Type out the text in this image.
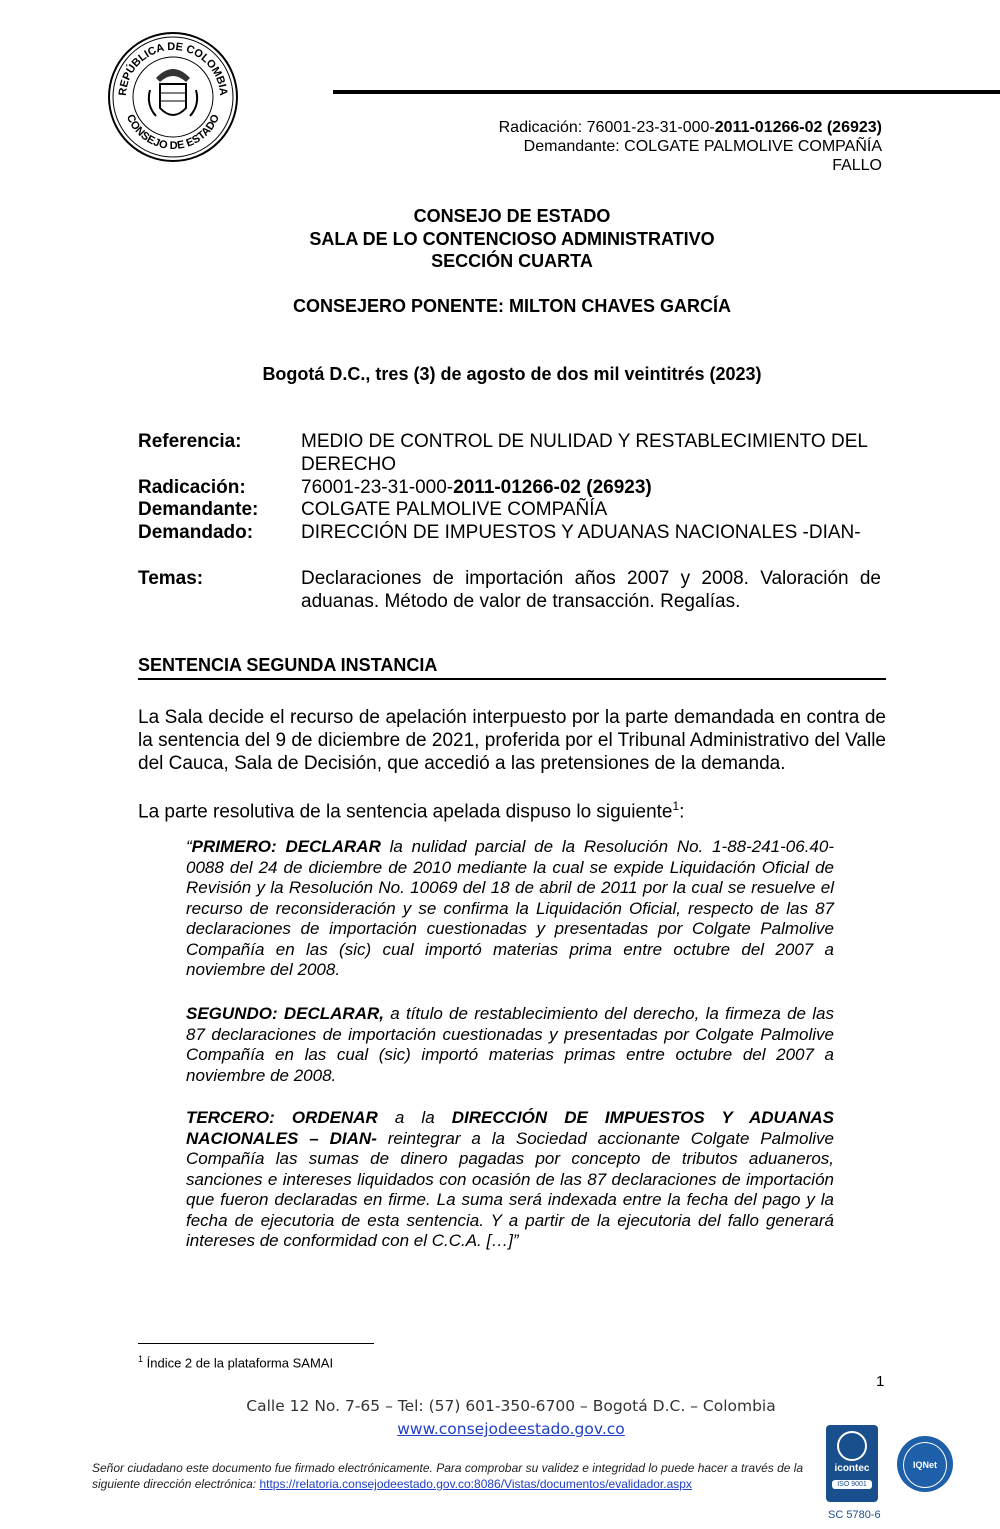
REPÚBLICA DE COLOMBIA
CONSEJO DE ESTADO	Radicación: 76001-23-31-000-2011-01266-02 (26923)
Demandante: COLGATE PALMOLIVE COMPAÑÍA
FALLO
CONSEJO DE ESTADO
SALA DE LO CONTENCIOSO ADMINISTRATIVO
SECCIÓN CUARTA
CONSEJERO PONENTE: MILTON CHAVES GARCÍA
Bogotá D.C., tres (3) de agosto de dos mil veintitrés (2023)
Referencia:	MEDIO DE CONTROL DE NULIDAD Y RESTABLECIMIENTO DEL DERECHO
Radicación:	76001-23-31-000-2011-01266-02 (26923)
Demandante: COLGATE PALMOLIVE COMPAÑÍA
Demandado:	DIRECCIÓN DE IMPUESTOS Y ADUANAS NACIONALES -DIAN-
Temas:	Declaraciones de importación años 2007 y 2008. Valoración de aduanas. Método de valor de transacción. Regalías.
SENTENCIA SEGUNDA INSTANCIA
La Sala decide el recurso de apelación interpuesto por la parte demandada en contra de la sentencia del 9 de diciembre de 2021, proferida por el Tribunal Administrativo del Valle del Cauca, Sala de Decisión, que accedió a las pretensiones de la demanda.
La parte resolutiva de la sentencia apelada dispuso lo siguiente$^1$:
“PRIMERO: DECLARAR la nulidad parcial de la Resolución No. 1-88-241-06.40-0088 del 24 de diciembre de 2010 mediante la cual se expide Liquidación Oficial de Revisión y la Resolución No. 10069 del 18 de abril de 2011 por la cual se resuelve el recurso de reconsideración y se confirma la Liquidación Oficial, respecto de las 87 declaraciones de importación cuestionadas y presentadas por Colgate Palmolive Compañía en las (sic) cual importó materias prima entre octubre del 2007 a noviembre del 2008.
SEGUNDO: DECLARAR, a título de restablecimiento del derecho, la firmeza de las 87 declaraciones de importación cuestionadas y presentadas por Colgate Palmolive Compañía en las cual (sic) importó materias primas entre octubre del 2007 a noviembre de 2008.
TERCERO: ORDENAR a la DIRECCIÓN DE IMPUESTOS Y ADUANAS NACIONALES – DIAN- reintegrar a la Sociedad accionante Colgate Palmolive Compañía las sumas de dinero pagadas por concepto de tributos aduaneros, sanciones e intereses liquidados con ocasión de las 87 declaraciones de importación que fueron declaradas en firme. La suma será indexada entre la fecha del pago y la fecha de ejecutoria de esta sentencia. Y a partir de la ejecutoria del fallo generará intereses de conformidad con el C.C.A. […]”
$^1$ Índice 2 de la plataforma SAMAI
1
Calle 12 No. 7-65 – Tel: (57) 601-350-6700 – Bogotá D.C. – Colombia
www.consejodeestado.gov.co
Señor ciudadano este documento fue firmado electrónicamente. Para comprobar su validez e integridad lo puede hacer a través de la siguiente dirección electrónica: https://relatoria.consejodeestado.gov.co:8086/Vistas/documentos/evalidador.aspx
icontec
ISO 9001
IQNet
SC 5780-6
